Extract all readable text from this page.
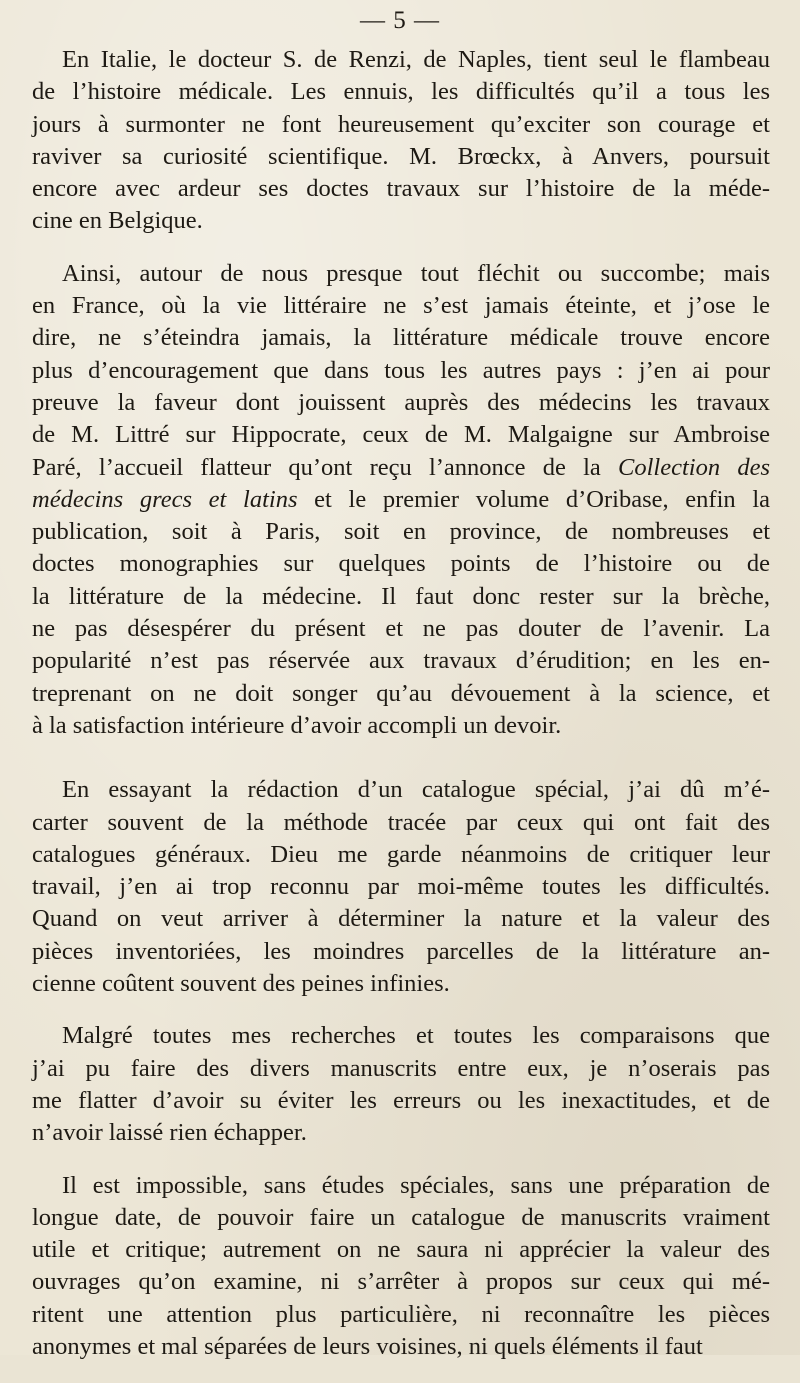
— 5 —
En Italie, le docteur S. de Renzi, de Naples, tient seul le flambeau
de l’histoire médicale. Les ennuis, les difficultés qu’il a tous les
jours à surmonter ne font heureusement qu’exciter son courage et
raviver sa curiosité scientifique. M. Brœckx, à Anvers, poursuit
encore avec ardeur ses doctes travaux sur l’histoire de la méde-
cine en Belgique.
Ainsi, autour de nous presque tout fléchit ou succombe; mais
en France, où la vie littéraire ne s’est jamais éteinte, et j’ose le
dire, ne s’éteindra jamais, la littérature médicale trouve encore
plus d’encouragement que dans tous les autres pays : j’en ai pour
preuve la faveur dont jouissent auprès des médecins les travaux
de M. Littré sur Hippocrate, ceux de M. Malgaigne sur Ambroise
Paré, l’accueil flatteur qu’ont reçu l’annonce de la Collection des
médecins grecs et latins et le premier volume d’Oribase, enfin la
publication, soit à Paris, soit en province, de nombreuses et
doctes monographies sur quelques points de l’histoire ou de
la littérature de la médecine. Il faut donc rester sur la brèche,
ne pas désespérer du présent et ne pas douter de l’avenir. La
popularité n’est pas réservée aux travaux d’érudition; en les en-
treprenant on ne doit songer qu’au dévouement à la science, et
à la satisfaction intérieure d’avoir accompli un devoir.
En essayant la rédaction d’un catalogue spécial, j’ai dû m’é-
carter souvent de la méthode tracée par ceux qui ont fait des
catalogues généraux. Dieu me garde néanmoins de critiquer leur
travail, j’en ai trop reconnu par moi-même toutes les difficultés.
Quand on veut arriver à déterminer la nature et la valeur des
pièces inventoriées, les moindres parcelles de la littérature an-
cienne coûtent souvent des peines infinies.
Malgré toutes mes recherches et toutes les comparaisons que
j’ai pu faire des divers manuscrits entre eux, je n’oserais pas
me flatter d’avoir su éviter les erreurs ou les inexactitudes, et de
n’avoir laissé rien échapper.
Il est impossible, sans études spéciales, sans une préparation de
longue date, de pouvoir faire un catalogue de manuscrits vraiment
utile et critique; autrement on ne saura ni apprécier la valeur des
ouvrages qu’on examine, ni s’arrêter à propos sur ceux qui mé-
ritent une attention plus particulière, ni reconnaître les pièces
anonymes et mal séparées de leurs voisines, ni quels éléments il faut
